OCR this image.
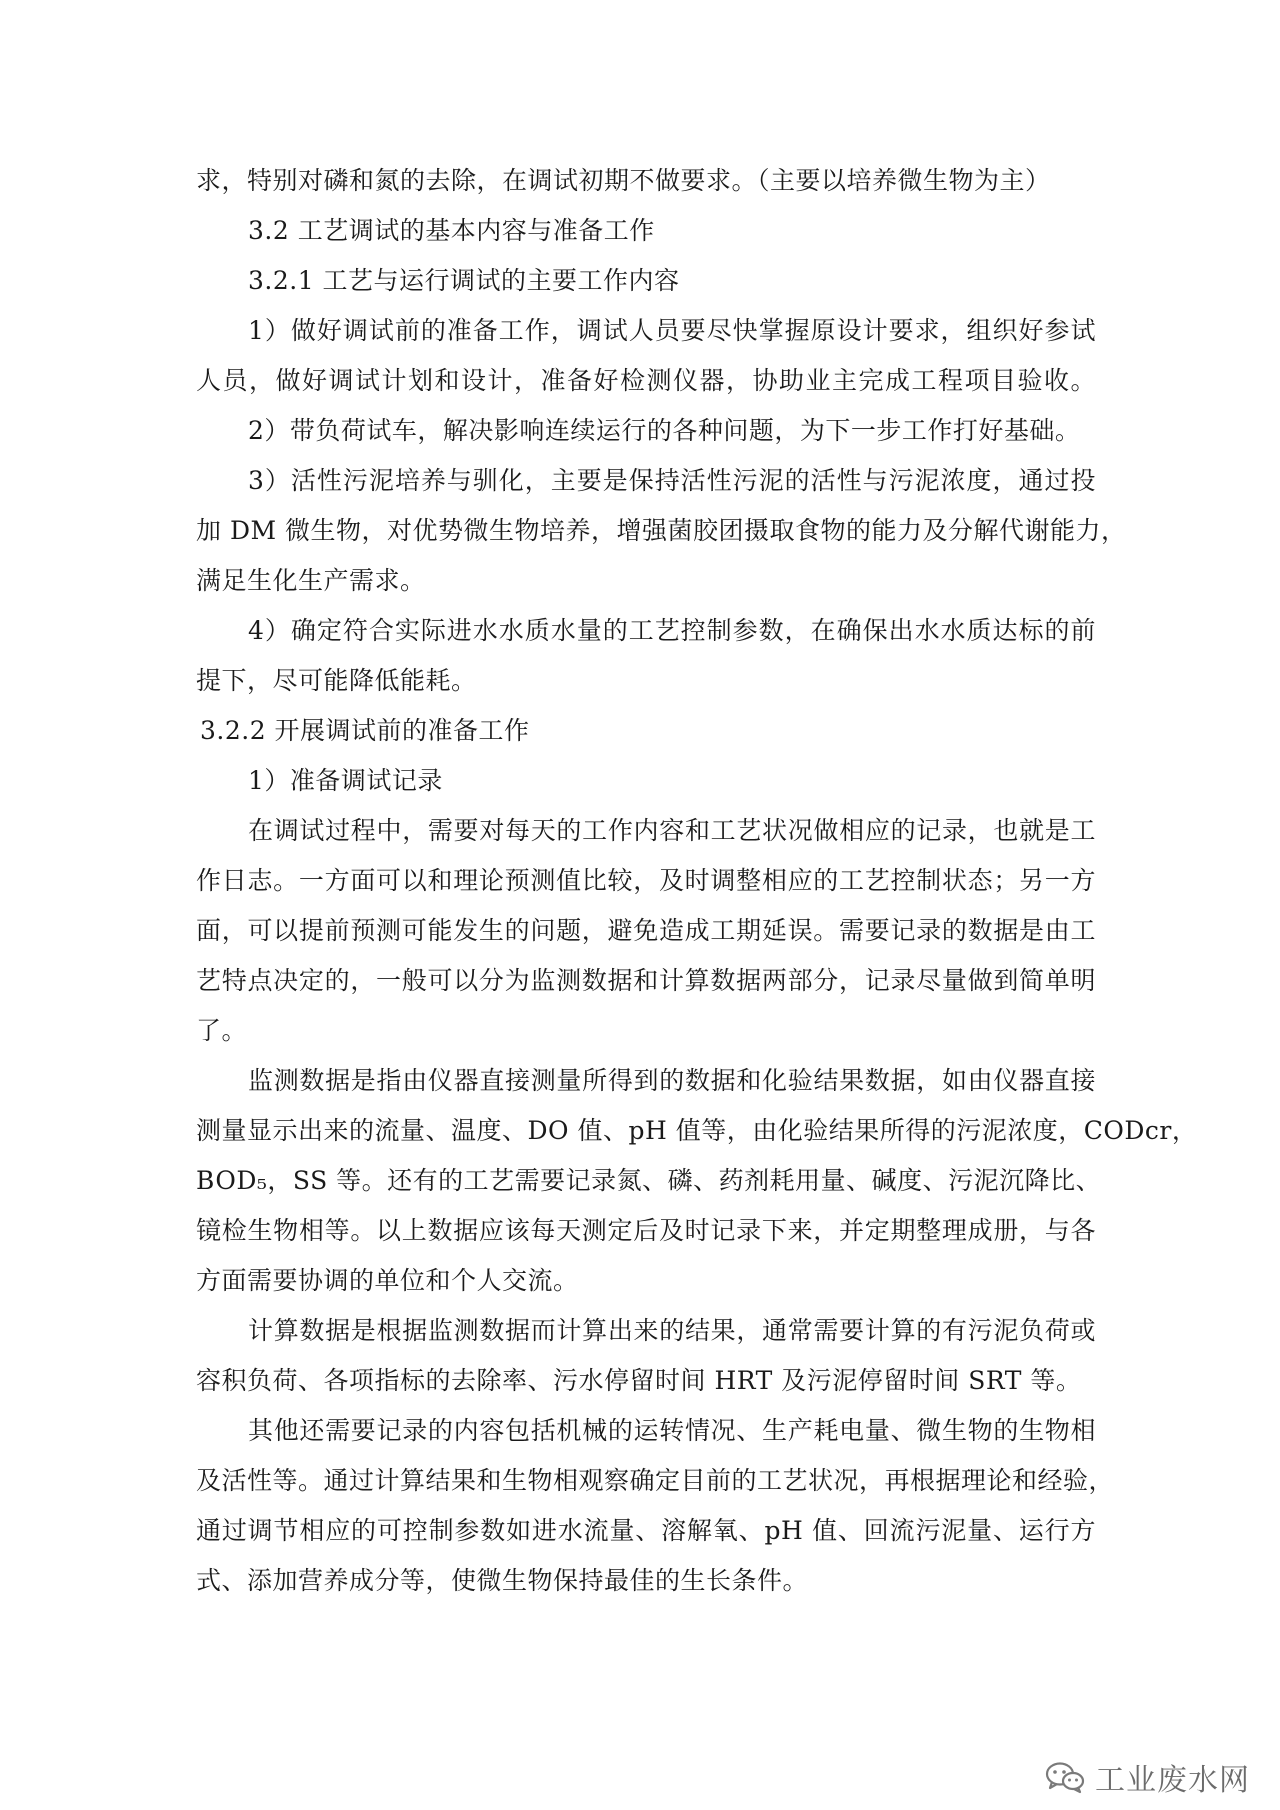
求，特别对磷和氮的去除，在调试初期不做要求。（主要以培养微生物为主）
3.2 工艺调试的基本内容与准备工作
3.2.1 工艺与运行调试的主要工作内容
1）做好调试前的准备工作，调试人员要尽快掌握原设计要求，组织好参试
人员，做好调试计划和设计，准备好检测仪器，协助业主完成工程项目验收。
2）带负荷试车，解决影响连续运行的各种问题，为下一步工作打好基础。
3）活性污泥培养与驯化，主要是保持活性污泥的活性与污泥浓度，通过投
加 DM 微生物，对优势微生物培养，增强菌胶团摄取食物的能力及分解代谢能力，
满足生化生产需求。
4）确定符合实际进水水质水量的工艺控制参数，在确保出水水质达标的前
提下，尽可能降低能耗。
3.2.2 开展调试前的准备工作
1）准备调试记录
在调试过程中，需要对每天的工作内容和工艺状况做相应的记录，也就是工
作日志。一方面可以和理论预测值比较，及时调整相应的工艺控制状态；另一方
面，可以提前预测可能发生的问题，避免造成工期延误。需要记录的数据是由工
艺特点决定的，一般可以分为监测数据和计算数据两部分，记录尽量做到简单明
了。
监测数据是指由仪器直接测量所得到的数据和化验结果数据，如由仪器直接
测量显示出来的流量、温度、DO 值、pH 值等，由化验结果所得的污泥浓度，CODcr，
BOD₅，SS 等。还有的工艺需要记录氮、磷、药剂耗用量、碱度、污泥沉降比、
镜检生物相等。以上数据应该每天测定后及时记录下来，并定期整理成册，与各
方面需要协调的单位和个人交流。
计算数据是根据监测数据而计算出来的结果，通常需要计算的有污泥负荷或
容积负荷、各项指标的去除率、污水停留时间 HRT 及污泥停留时间 SRT 等。
其他还需要记录的内容包括机械的运转情况、生产耗电量、微生物的生物相
及活性等。通过计算结果和生物相观察确定目前的工艺状况，再根据理论和经验，
通过调节相应的可控制参数如进水流量、溶解氧、pH 值、回流污泥量、运行方
式、添加营养成分等，使微生物保持最佳的生长条件。
工业废水网
